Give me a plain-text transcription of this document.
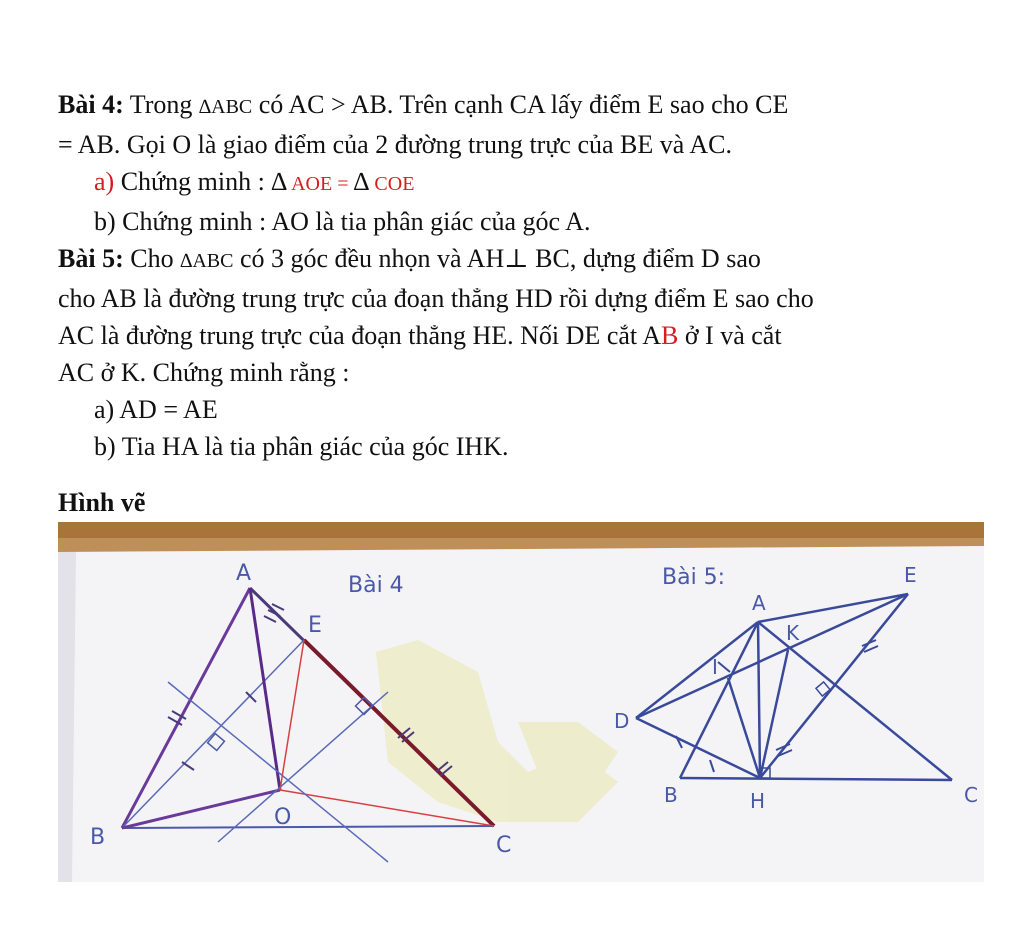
Bài 4: Trong ∆ABC có AC > AB. Trên cạnh CA lấy điểm E sao cho CE
= AB. Gọi O là giao điểm của 2 đường trung trực của BE và AC.
a) Chứng minh : ∆ AOE = ∆ COE
b) Chứng minh : AO là tia phân giác của góc A.
Bài 5: Cho ∆ABC có 3 góc đều nhọn và AH⊥ BC, dựng điểm D sao
cho AB là đường trung trực của đoạn thẳng HD rồi dựng điểm E sao cho
AC là đường trung trực của đoạn thẳng HE. Nối DE cắt AB ở I và cắt
AC ở K. Chứng minh rằng :
a) AD = AE
b) Tia HA là tia phân giác của góc IHK.
Hình vẽ
Bài 4
A
B	C
E
O
Bài 5:
A
B	C
D
E
H
I
K
